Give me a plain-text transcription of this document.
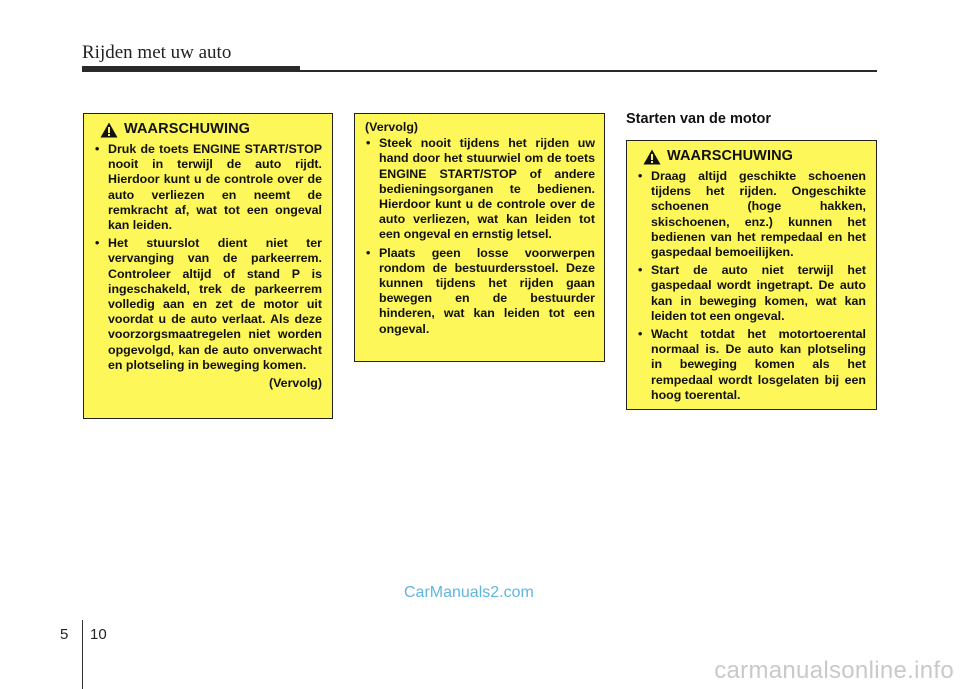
Rijden met uw auto
WAARSCHUWING
• Druk de toets ENGINE START/STOP nooit in terwijl de auto rijdt. Hierdoor kunt u de controle over de auto verliezen en neemt de remkracht af, wat tot een ongeval kan leiden.
• Het stuurslot dient niet ter vervanging van de parkeerrem. Controleer altijd of stand P is ingeschakeld, trek de parkeerrem volledig aan en zet de motor uit voordat u de auto verlaat. Als deze voorzorgsmaatregelen niet worden opgevolgd, kan de auto onverwacht en plotseling in beweging komen.
(Vervolg)
(Vervolg)
• Steek nooit tijdens het rijden uw hand door het stuurwiel om de toets ENGINE START/STOP of andere bedieningsorganen te bedienen. Hierdoor kunt u de controle over de auto verliezen, wat kan leiden tot een ongeval en ernstig letsel.
• Plaats geen losse voorwerpen rondom de bestuurdersstoel. Deze kunnen tijdens het rijden gaan bewegen en de bestuurder hinderen, wat kan leiden tot een ongeval.
Starten van de motor
WAARSCHUWING
• Draag altijd geschikte schoenen tijdens het rijden. Ongeschikte schoenen (hoge hakken, skischoenen, enz.) kunnen het bedienen van het rempedaal en het gaspedaal bemoeilijken.
• Start de auto niet terwijl het gaspedaal wordt ingetrapt. De auto kan in beweging komen, wat kan leiden tot een ongeval.
• Wacht totdat het motortoerental normaal is. De auto kan plotseling in beweging komen als het rempedaal wordt losgelaten bij een hoog toerental.
CarManuals2.com
5 10
carmanualsonline.info
